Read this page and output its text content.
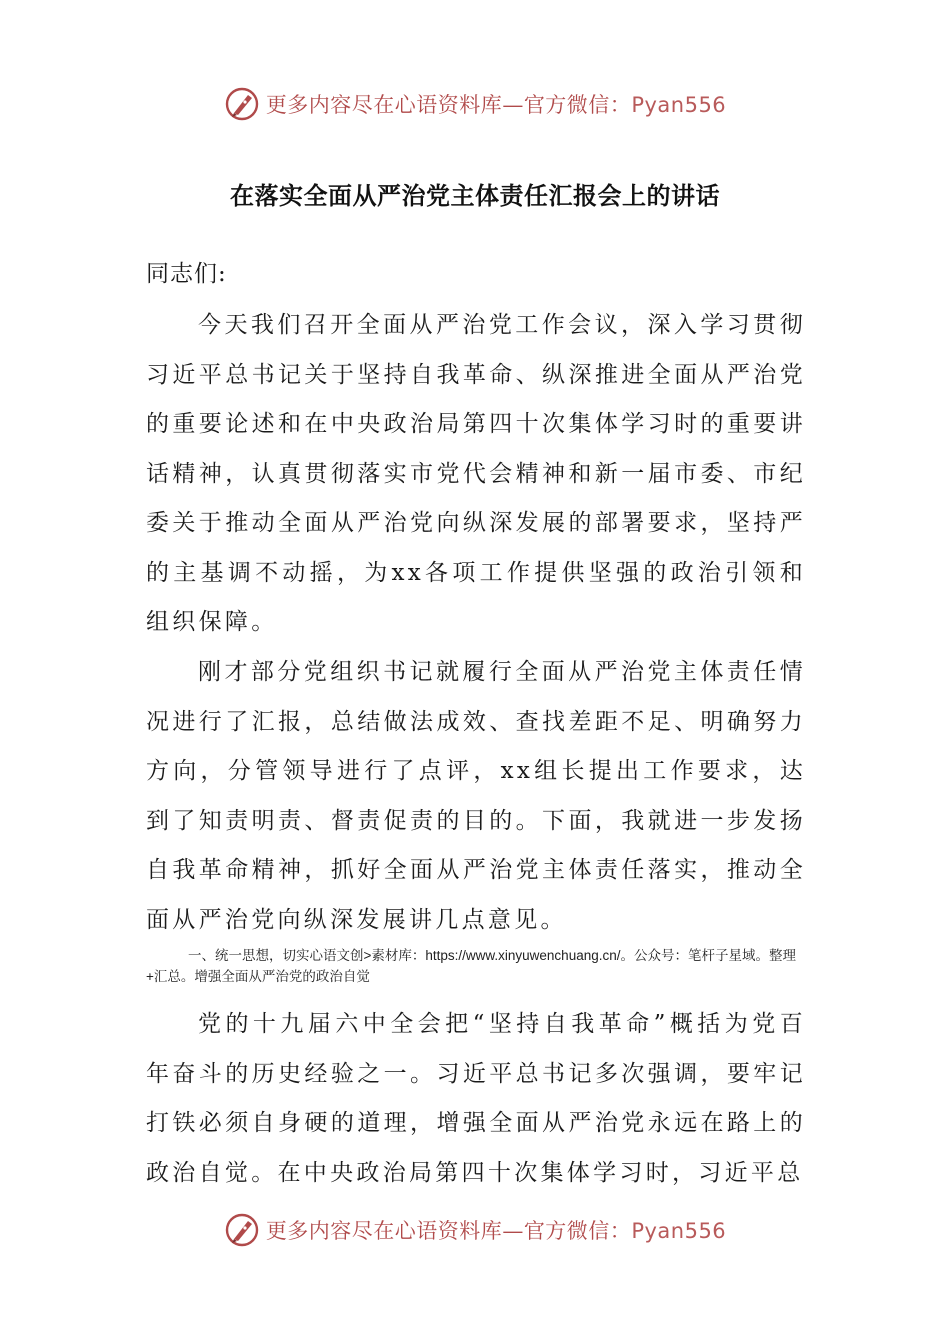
更多内容尽在心语资料库—官方微信：Pyan556
在落实全面从严治党主体责任汇报会上的讲话
同志们:
今天我们召开全面从严治党工作会议，深入学习贯彻习近平总书记关于坚持自我革命、纵深推进全面从严治党的重要论述和在中央政治局第四十次集体学习时的重要讲话精神，认真贯彻落实市党代会精神和新一届市委、市纪委关于推动全面从严治党向纵深发展的部署要求，坚持严的主基调不动摇，为xx各项工作提供坚强的政治引领和组织保障。
刚才部分党组织书记就履行全面从严治党主体责任情况进行了汇报，总结做法成效、查找差距不足、明确努力方向，分管领导进行了点评，xx组长提出工作要求，达到了知责明责、督责促责的目的。下面，我就进一步发扬自我革命精神，抓好全面从严治党主体责任落实，推动全面从严治党向纵深发展讲几点意见。
一、统一思想，切实心语文创>素材库：https://www.xinyuwenchuang.cn/。公众号：笔杆子星域。整理+汇总。增强全面从严治党的政治自觉
党的十九届六中全会把“坚持自我革命”概括为党百年奋斗的历史经验之一。习近平总书记多次强调，要牢记打铁必须自身硬的道理，增强全面从严治党永远在路上的政治自觉。在中央政治局第四十次集体学习时，习近平总
更多内容尽在心语资料库—官方微信：Pyan556
